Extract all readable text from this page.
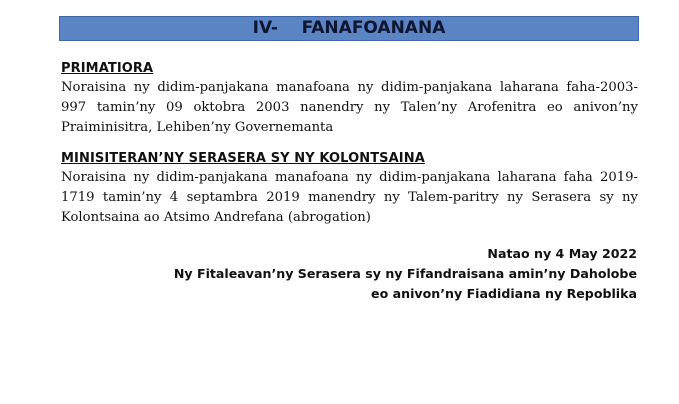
IV-    FANAFOANANA
PRIMATIORA
Noraisina ny didim-panjakana manafoana ny didim-panjakana laharana faha-2003-997 tamin’ny 09 oktobra 2003 nanendry ny Talen’ny Arofenitra eo anivon’ny Praiminisitra, Lehiben’ny Governemanta
MINISITERAN’NY SERASERA SY NY KOLONTSAINA
Noraisina ny didim-panjakana manafoana ny didim-panjakana laharana faha 2019-1719 tamin’ny 4 septambra 2019 manendry ny Talem-paritry ny Serasera sy ny Kolontsaina ao Atsimo Andrefana (abrogation)
Natao ny 4 May 2022
Ny Fitaleavan’ny Serasera sy ny Fifandraisana amin’ny Daholobe
eo anivon’ny Fiadidiana ny Repoblika
